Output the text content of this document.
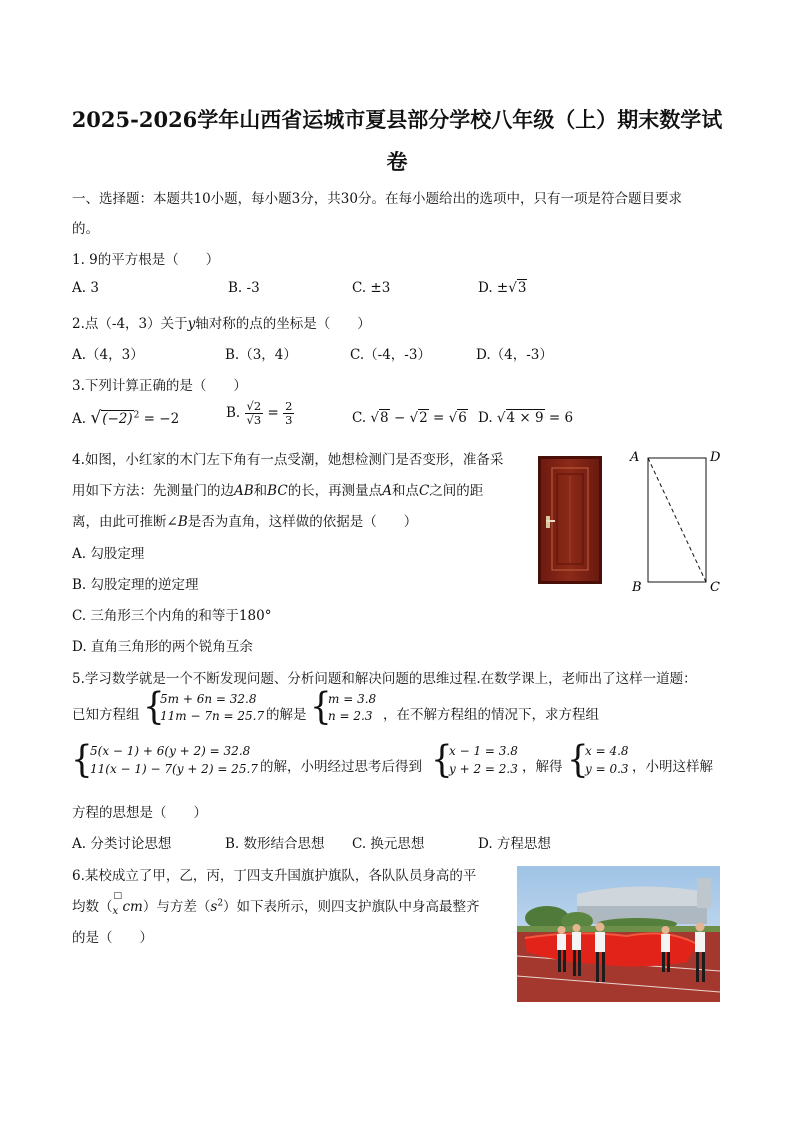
2025-2026学年山西省运城市夏县部分学校八年级（上）期末数学试
卷
一、选择题：本题共10小题，每小题3分，共30分。在每小题给出的选项中，只有一项是符合题目要求
的。
1. 9的平方根是（　　）
A. 3	B. -3	C. ±3	D. ±√3
2.点（-4，3）关于y轴对称的点的坐标是（　　）
A.（4，3）	B.（3，4）	C.（-4，-3）	D.（4，-3）
3.下列计算正确的是（　　）
A. $√(-2)^2 = -2$	B. $\frac{√2}{√3} = \frac{2}{3}$	C. √8 − √2 = √6 D. √4 × 9 = 6
4.如图，小红家的木门左下角有一点受潮，她想检测门是否变形，准备采
用如下方法：先测量门的边AB和BC的长，再测量点A和点C之间的距
离，由此可推断∠B是否为直角，这样做的依据是（　　）
A. 勾股定理
B. 勾股定理的逆定理
C. 三角形三个内角的和等于180°
D. 直角三角形的两个锐角互余
A	D
B	C
5.学习数学就是一个不断发现问题、分析问题和解决问题的思维过程.在数学课上，老师出了这样一道题：
已知方程组 {
5m + 6n = 32.8
11m − 7n = 25.7 的解是 {
m = 3.8
n = 2.3 ，在不解方程组的情况下，求方程组
{
5(x − 1) + 6(y + 2) = 32.8
11(x − 1) − 7(y + 2) = 25.7 的解，小明经过思考后得到 {
x − 1 = 3.8
y + 2 = 2.3 ，解得 {
x = 4.8
y = 0.3 ，小明这样解
方程的思想是（　　）
A. 分类讨论思想	B. 数形结合思想 C. 换元思想	D. 方程思想
6.某校成立了甲，乙，丙，丁四支升国旗护旗队，各队队员身高的平
均数（
□
$_x$ cm）与方差$(s^2)$如下表所示，则四支护旗队中身高最整齐
的是（　　）
